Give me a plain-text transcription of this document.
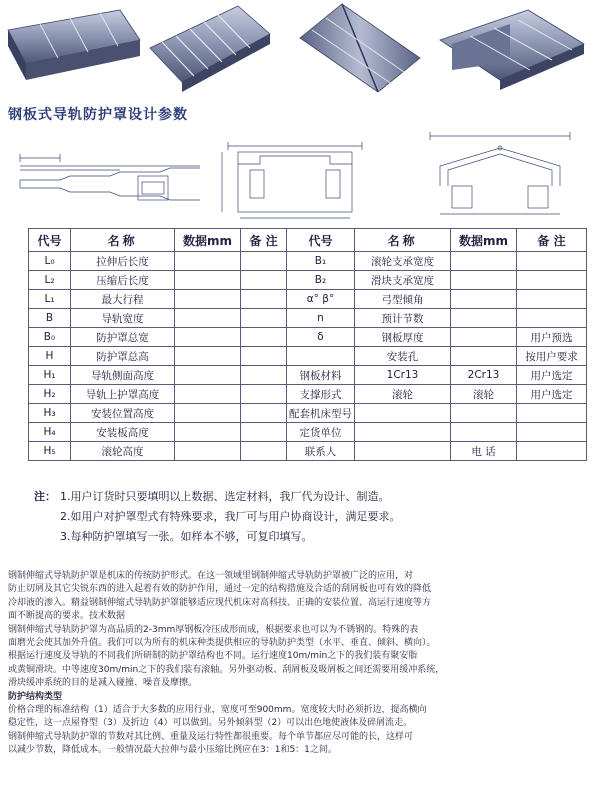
钢板式导轨防护罩设计参数
代号	名称	数据mm	备 注	代号	名称	数据mm	备 注
L₀	拉伸后长度			B₁	滚轮支承宽度		
L₂	压缩后长度			B₂	滑块支承宽度		
L₁	最大行程			α° β°	弓型倾角		
B	导轨宽度			n	预计节数		
B₀	防护罩总宽			δ	钢板厚度		用户预选
H	防护罩总高				安装孔		按用户要求
H₁	导轨侧面高度			钢板材料	1Cr13	2Cr13	用户选定
H₂	导轨上护罩高度			支撑形式	滚轮	滚轮	用户选定
H₃	安装位置高度			配套机床型号			
H₄	安装板高度			定货单位			
H₅	滚轮高度			联系人		电 话	
注： 1.用户订货时只要填明以上数据、选定材料，我厂代为设计、制造。
2.如用户对护罩型式有特殊要求，我厂可与用户协商设计，满足要求。
3.每种防护罩填写一张。如样本不够，可复印填写。
钢制伸缩式导轨防护罩是机床的传统防护形式。在这一领域里钢制伸缩式导轨防护罩被广泛的应用，对
防止切屑及其它尖锐东西的进入起着有效的防护作用，通过一定的结构措施及合适的刮屑板也可有效的降低
冷却液的渗入。精益钢制伸缩式导轨防护罩能够适应现代机床对高科技、正确的安装位置、高运行速度等方
面不断提高的要求。技术数据
钢制伸缩式导轨防护罩为高品质的2-3mm厚钢板冷压成形而成，根据要求也可以为不锈钢的。特殊的表
面磨光会使其加外升值。我们可以为所有的机床种类提供相应的导轨防护类型（水平、垂直、倾斜、横向）。
根据运行速度及导轨的不同我们所研制的防护罩结构也不同。运行速度10m/min之下的我们装有聚安脂
或黄铜滑块。中等速度30m/min之下的我们装有滚轴。另外驱动板、刮屑板及吸屑板之间还需要用缓冲系统，
滑块缓冲系统的目的是减入碰撞、噪音及摩擦。
防护结构类型
价格合理的标准结构（1）适合于大多数的应用行业，宽度可至900mm。宽度较大时必须折边，提高横向
稳定性，这一点屋脊型（3）及折边（4）可以做到。另外倾斜型（2）可以出色地使液体及碎屑流走。
钢制伸缩式导轨防护罩的节数对其比例、重量及运行特性都很重要。每个单节都应尽可能的长，这样可
以减少节数，降低成本。一般情况最大拉伸与最小压缩比例应在3：1和5：1之间。
